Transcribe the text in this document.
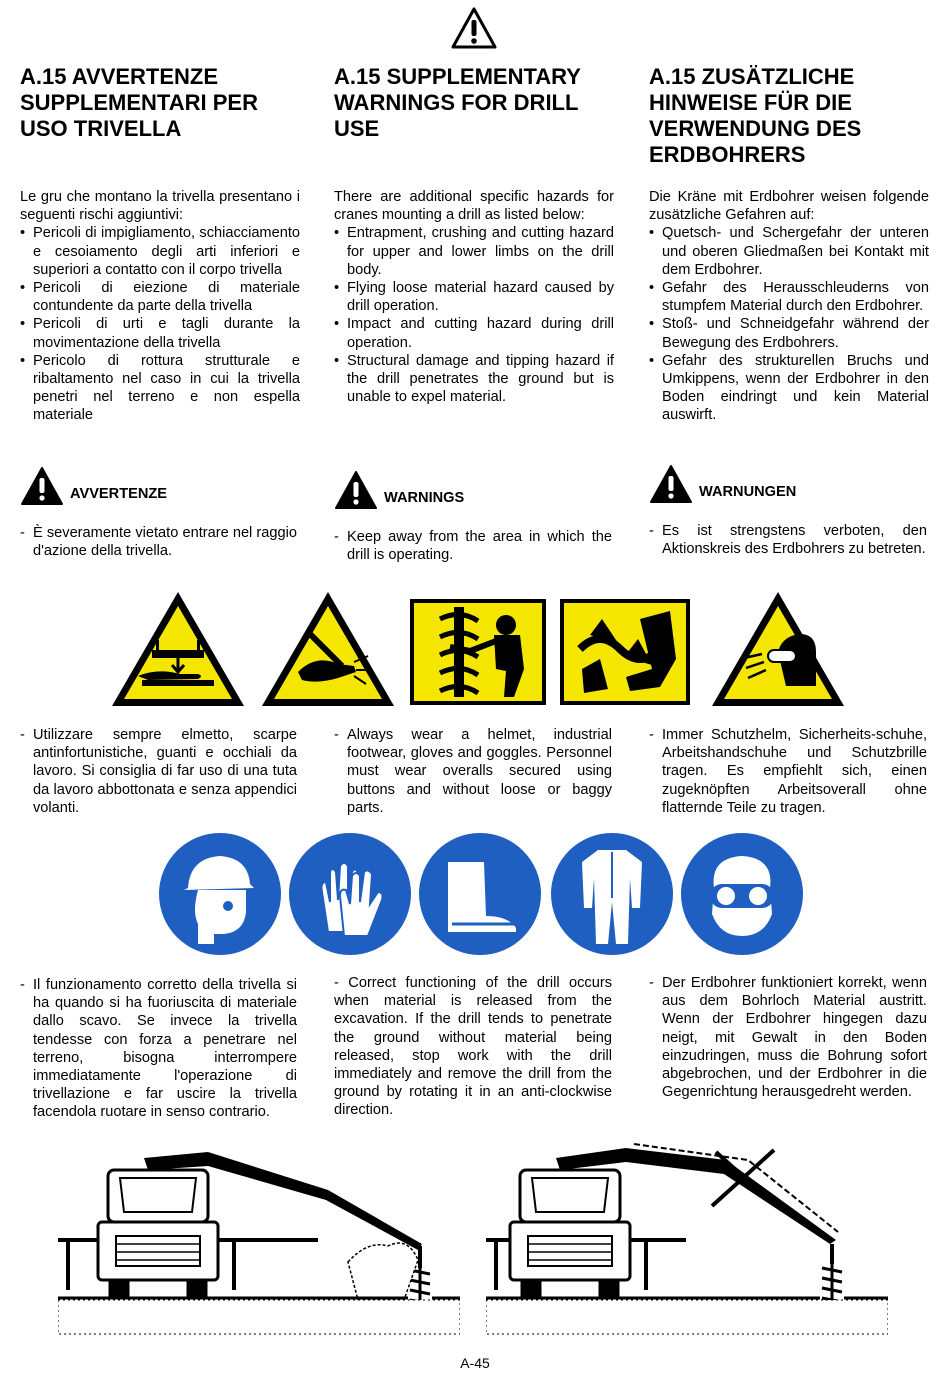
A.15 AVVERTENZE SUPPLEMENTARI PER USO TRIVELLA
A.15 SUPPLEMENTARY WARNINGS FOR DRILL USE
A.15 ZUSÄTZLICHE HINWEISE FÜR DIE VERWENDUNG DES ERDBOHRERS
Le gru che montano la trivella presentano i seguenti rischi aggiuntivi:
• Pericoli di impigliamento, schiacciamento e cesoiamento degli arti inferiori e superiori a contatto con il corpo trivella
• Pericoli di eiezione di materiale contundente da parte della trivella
• Pericoli di urti e tagli durante la movimentazione della trivella
• Pericolo di rottura strutturale e ribaltamento nel caso in cui la trivella penetri nel terreno e non espella materiale
There are additional specific hazards for cranes mounting a drill as listed below:
• Entrapment, crushing and cutting hazard for upper and lower limbs on the drill body.
• Flying loose material hazard caused by drill operation.
• Impact and cutting hazard during drill operation.
• Structural damage and tipping hazard if the drill penetrates the ground but is unable to expel material.
Die Kräne mit Erdbohrer weisen folgende zusätzliche Gefahren auf:
• Quetsch- und Schergefahr der unteren und oberen Gliedmaßen bei Kontakt mit dem Erdbohrer.
• Gefahr des Herausschleuderns von stumpfem Material durch den Erdbohrer.
• Stoß- und Schneidgefahr während der Bewegung des Erdbohrers.
• Gefahr des strukturellen Bruchs und Umkippens, wenn der Erdbohrer in den Boden eindringt und kein Material auswirft.
AVVERTENZE	WARNINGS	WARNUNGEN
- È severamente vietato entrare nel raggio d'azione della trivella.
- Keep away from the area in which the drill is operating.
- Es ist strengstens verboten, den Aktionskreis des Erdbohrers zu betreten.
- Utilizzare sempre elmetto, scarpe antinfortunistiche, guanti e occhiali da lavoro. Si consiglia di far uso di una tuta da lavoro abbottonata e senza appendici volanti.
- Always wear a helmet, industrial footwear, gloves and goggles. Personnel must wear overalls secured using buttons and without loose or baggy parts.
- Immer Schutzhelm, Sicherheits-schuhe, Arbeitshandschuhe und Schutzbrille tragen. Es empfiehlt sich, einen zugeknöpften Arbeitsoverall ohne flatternde Teile zu tragen.
- Il funzionamento corretto della trivella si ha quando si ha fuoriuscita di materiale dallo scavo. Se invece la trivella tendesse con forza a penetrare nel terreno, bisogna interrompere immediatamente l'operazione di trivellazione e far uscire la trivella facendola ruotare in senso contrario.
- Correct functioning of the drill occurs when material is released from the excavation. If the drill tends to penetrate the ground without material being released, stop work with the drill immediately and remove the drill from the ground by rotating it in an anti-clockwise direction.
- Der Erdbohrer funktioniert korrekt, wenn aus dem Bohrloch Material austritt. Wenn der Erdbohrer hingegen dazu neigt, mit Gewalt in den Boden einzudringen, muss die Bohrung sofort abgebrochen, und der Erdbohrer in die Gegenrichtung herausgedreht werden.
A-45
